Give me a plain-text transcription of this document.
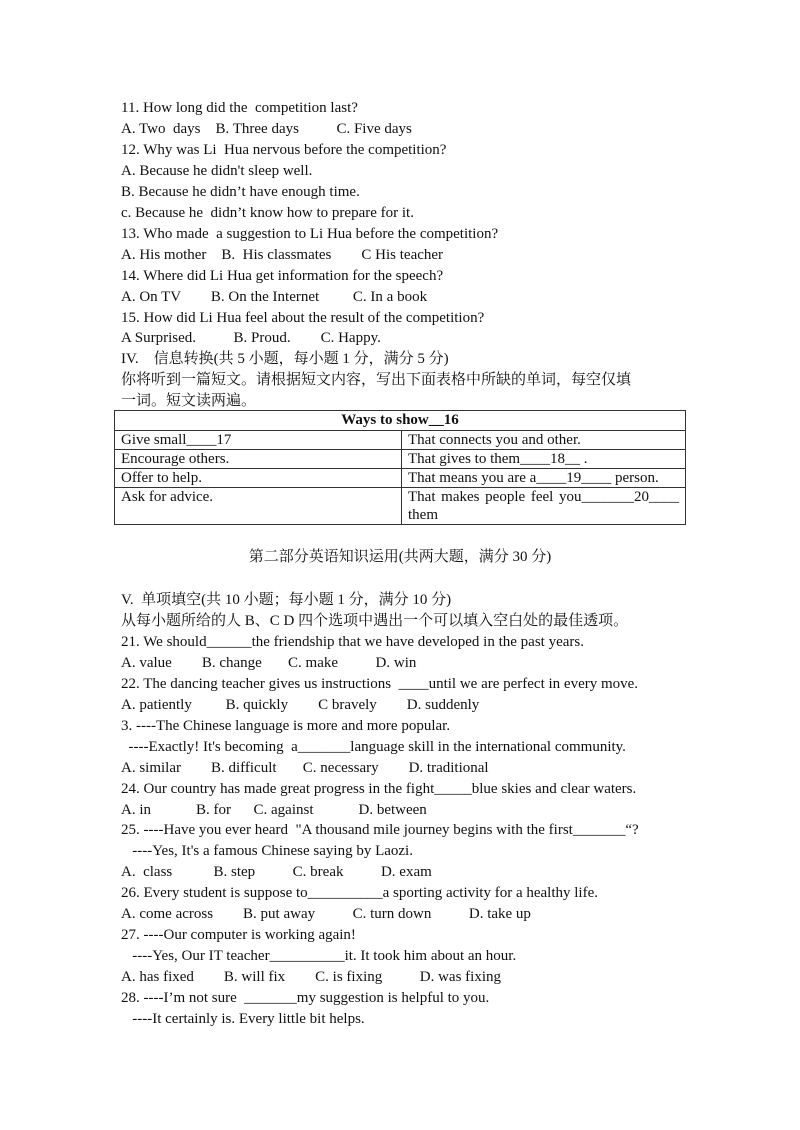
11. How long did the  competition last?
A. Two  days    B. Three days          C. Five days
12. Why was Li  Hua nervous before the competition?
A. Because he didn't sleep well.
B. Because he didn’t have enough time.
c. Because he  didn’t know how to prepare for it.
13. Who made  a suggestion to Li Hua before the competition?
A. His mother    B.  His classmates        C His teacher
14. Where did Li Hua get information for the speech?
A. On TV        B. On the Internet         C. In a book
15. How did Li Hua feel about the result of the competition?
A Surprised.          B. Proud.        C. Happy.
IV.    信息转换(共 5 小题，每小题 1 分，满分 5 分)
你将听到一篇短文。请根据短文内容，写出下面表格中所缺的单词，每空仅填
一词。短文读两遍。
Ways to show__16	
Give small____17	That connects you and other.
Encourage others.	That gives to them____18__ .
Offer to help.	That means you are a____19____ person.
Ask for advice.	That makes people feel you_______20____
them
第二部分英语知识运用(共两大题，满分 30 分)
V.  单项填空(共 10 小题；每小题 1 分，满分 10 分)
从每小题所给的人 B、C D 四个选项中遇出一个可以填入空白处的最佳透项。
21. We should______the friendship that we have developed in the past years.
A. value        B. change       C. make          D. win
22. The dancing teacher gives us instructions  ____until we are perfect in every move.
A. patiently         B. quickly        C bravely        D. suddenly
3. ----The Chinese language is more and more popular.
----Exactly! It's becoming  a_______language skill in the international community.
A. similar        B. difficult       C. necessary        D. traditional
24. Our country has made great progress in the fight_____blue skies and clear waters.
A. in            B. for      C. against            D. between
25. ----Have you ever heard  "A thousand mile journey begins with the first_______“?
----Yes, It's a famous Chinese saying by Laozi.
A.  class           B. step          C. break          D. exam
26. Every student is suppose to__________a sporting activity for a healthy life.
A. come across        B. put away          C. turn down          D. take up
27. ----Our computer is working again!
----Yes, Our IT teacher__________it. It took him about an hour.
A. has fixed        B. will fix        C. is fixing          D. was fixing
28. ----I’m not sure  _______my suggestion is helpful to you.
----It certainly is. Every little bit helps.
